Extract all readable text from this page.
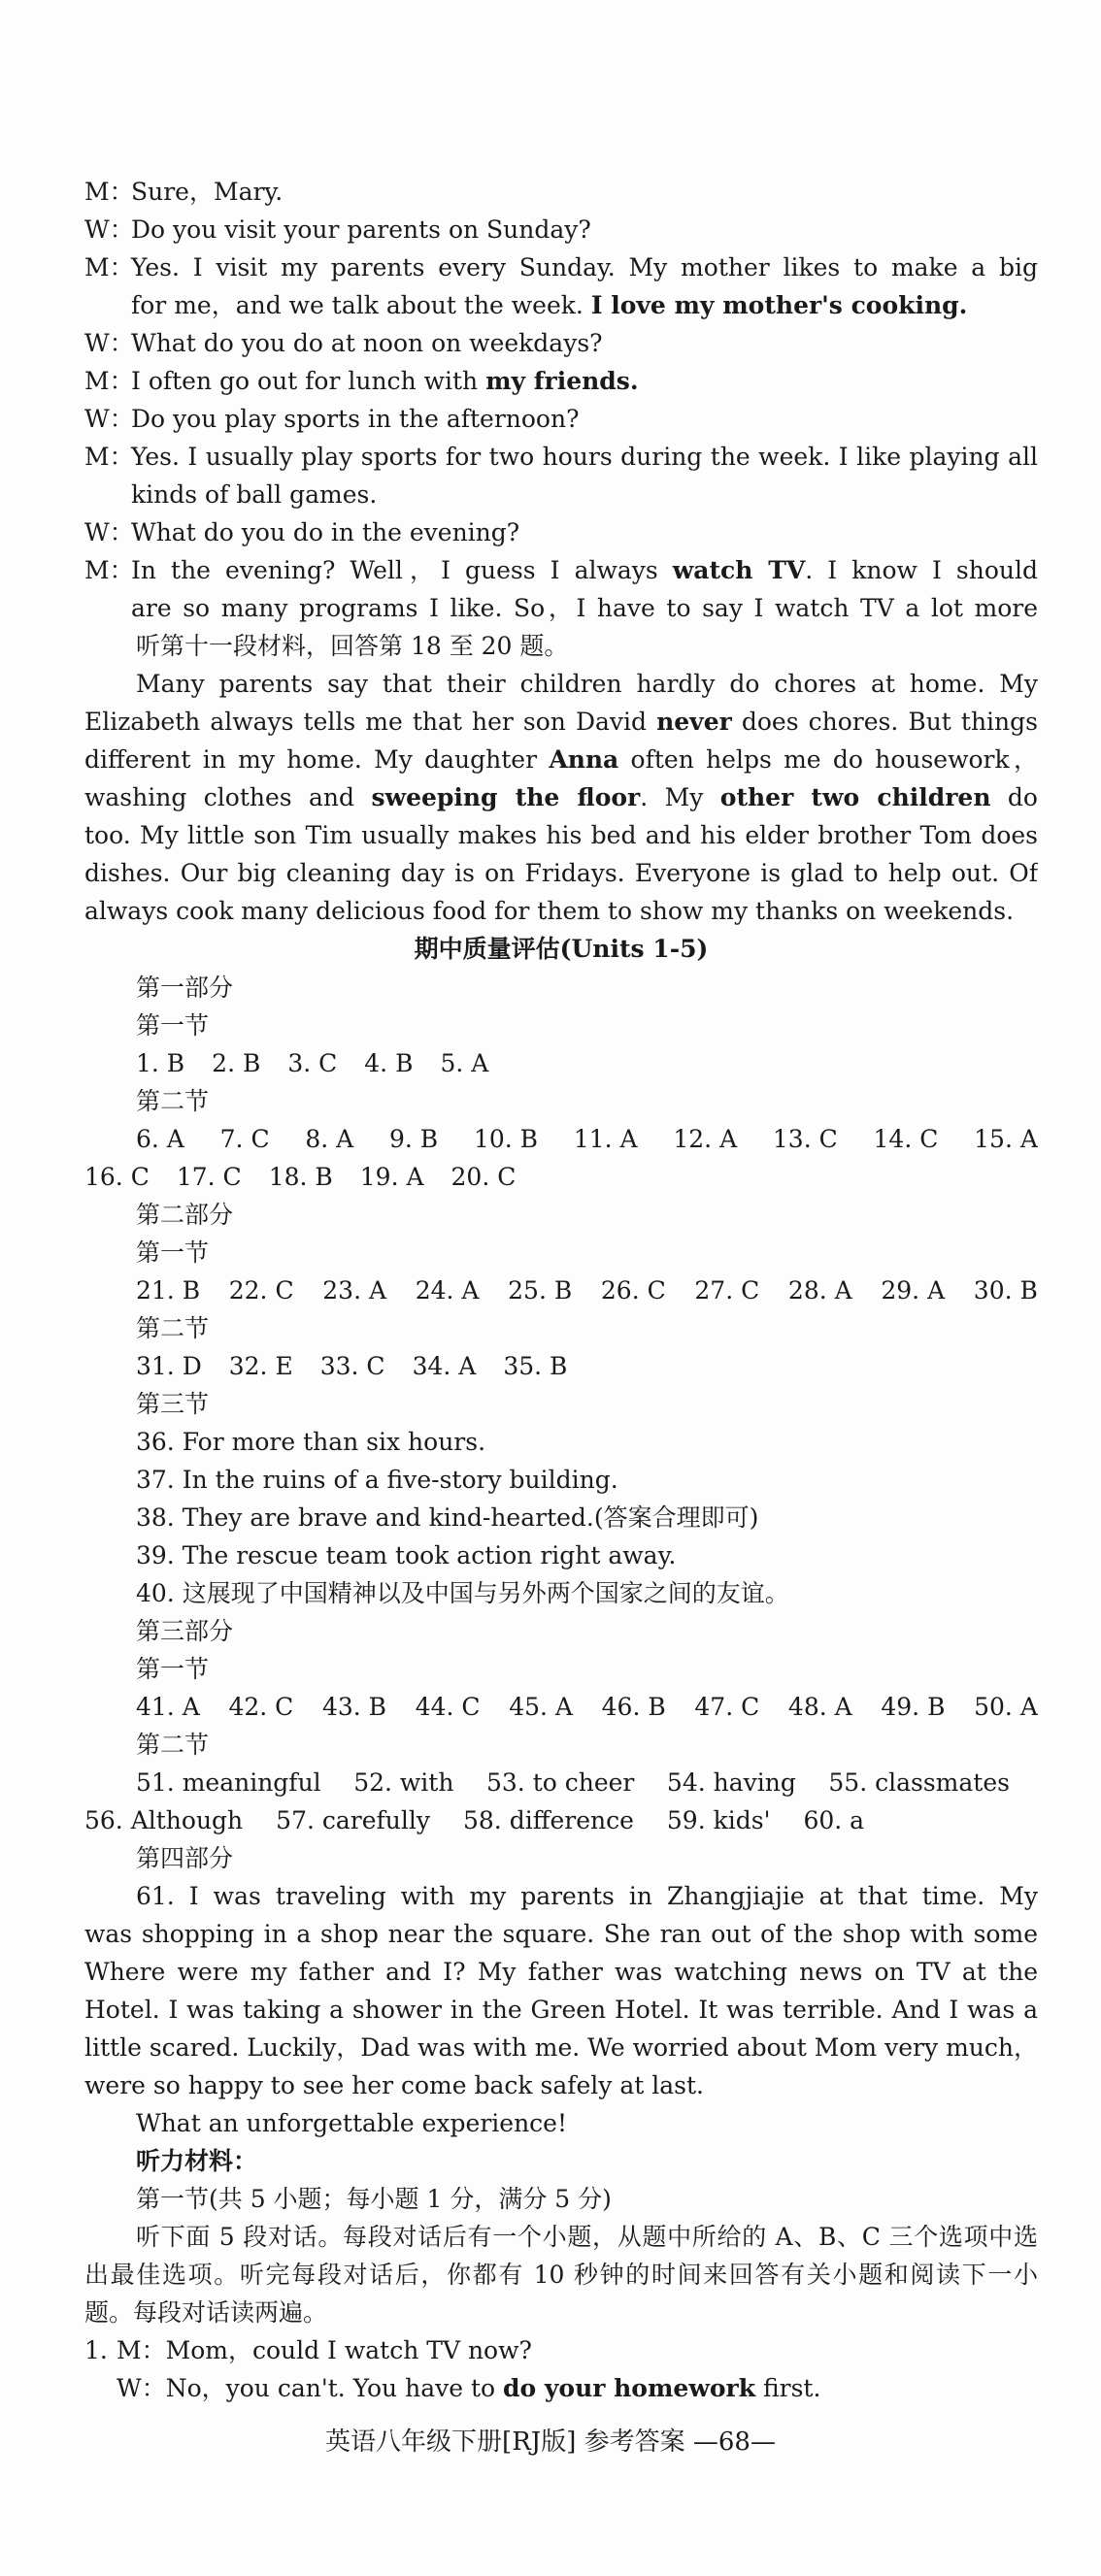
M：Sure，Mary.
W：Do you visit your parents on Sunday?
M：Yes. I visit my parents every Sunday. My mother likes to make a big
for me，and we talk about the week. I love my mother's cooking.
W：What do you do at noon on weekdays?
M：I often go out for lunch with my friends.
W：Do you play sports in the afternoon?
M：Yes. I usually play sports for two hours during the week. I like playing all
kinds of ball games.
W：What do you do in the evening?
M：In the evening? Well，I guess I always watch TV. I know I should
are so many programs I like. So，I have to say I watch TV a lot more
听第十一段材料，回答第 18 至 20 题。
Many parents say that their children hardly do chores at home. My
Elizabeth always tells me that her son David never does chores. But things
different in my home. My daughter Anna often helps me do housework，
washing clothes and sweeping the floor. My other two children do
too. My little son Tim usually makes his bed and his elder brother Tom does
dishes. Our big cleaning day is on Fridays. Everyone is glad to help out. Of
always cook many delicious food for them to show my thanks on weekends.
期中质量评估(Units 1-5)
第一部分
第一节
1. B 2. B 3. C 4. B 5. A
第二节
6. A 7. C 8. A 9. B 10. B 11. A 12. A 13. C 14. C 15. A
16. C 17. C 18. B 19. A 20. C
第二部分
第一节
21. B 22. C 23. A 24. A 25. B 26. C 27. C 28. A 29. A 30. B
第二节
31. D 32. E 33. C 34. A 35. B
第三节
36. For more than six hours.
37. In the ruins of a five-story building.
38. They are brave and kind-hearted.(答案合理即可)
39. The rescue team took action right away.
40. 这展现了中国精神以及中国与另外两个国家之间的友谊。
第三部分
第一节
41. A 42. C 43. B 44. C 45. A 46. B 47. C 48. A 49. B 50. A
第二节
51. meaningful 52. with 53. to cheer 54. having 55. classmates
56. Although 57. carefully 58. difference 59. kids' 60. a
第四部分
61. I was traveling with my parents in Zhangjiajie at that time. My
was shopping in a shop near the square. She ran out of the shop with some
Where were my father and I? My father was watching news on TV at the
Hotel. I was taking a shower in the Green Hotel. It was terrible. And I was a
little scared. Luckily，Dad was with me. We worried about Mom very much，
were so happy to see her come back safely at last.
What an unforgettable experience!
听力材料：
第一节(共 5 小题；每小题 1 分，满分 5 分)
听下面 5 段对话。每段对话后有一个小题，从题中所给的 A、B、C 三个选项中选
出最佳选项。听完每段对话后，你都有 10 秒钟的时间来回答有关小题和阅读下一小
题。每段对话读两遍。
1. M：Mom，could I watch TV now?
W：No，you can't. You have to do your homework first.
英语八年级下册[RJ版] 参考答案 —68—
